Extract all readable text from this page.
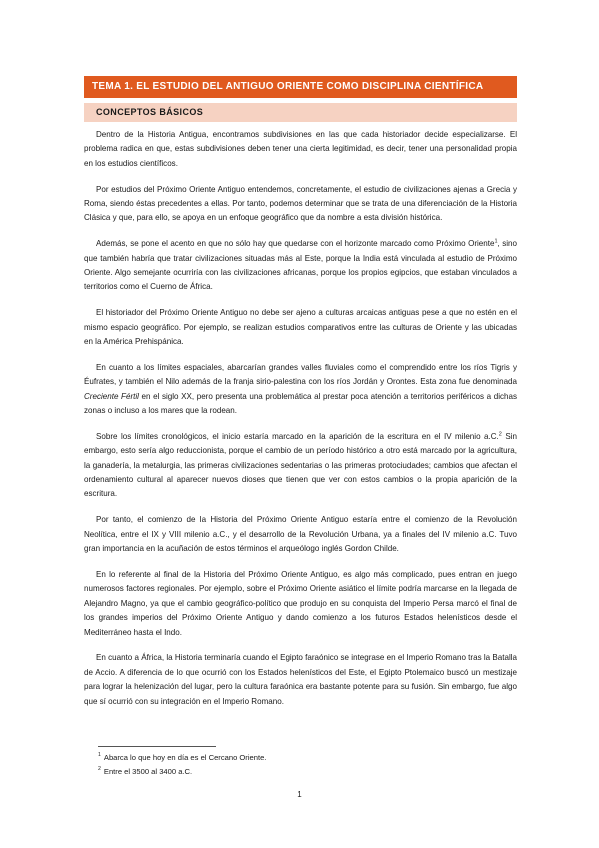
TEMA 1. EL ESTUDIO DEL ANTIGUO ORIENTE COMO DISCIPLINA CIENTÍFICA
CONCEPTOS BÁSICOS

Dentro de la Historia Antigua, encontramos subdivisiones en las que cada historiador decide especializarse. El problema radica en que, estas subdivisiones deben tener una cierta legitimidad, es decir, tener una personalidad propia en los estudios científicos.

Por estudios del Próximo Oriente Antiguo entendemos, concretamente, el estudio de civilizaciones ajenas a Grecia y Roma, siendo éstas precedentes a ellas. Por tanto, podemos determinar que se trata de una diferenciación de la Historia Clásica y que, para ello, se apoya en un enfoque geográfico que da nombre a esta división histórica.

Además, se pone el acento en que no sólo hay que quedarse con el horizonte marcado como Próximo Oriente$^1$, sino que también habría que tratar civilizaciones situadas más al Este, porque la India está vinculada al estudio de Próximo Oriente. Algo semejante ocurriría con las civilizaciones africanas, porque los propios egipcios, que estaban vinculados a territorios como el Cuerno de África.

El historiador del Próximo Oriente Antiguo no debe ser ajeno a culturas arcaicas antiguas pese a que no estén en el mismo espacio geográfico. Por ejemplo, se realizan estudios comparativos entre las culturas de Oriente y las ubicadas en la América Prehispánica.

En cuanto a los límites espaciales, abarcarían grandes valles fluviales como el comprendido entre los ríos Tigris y Éufrates, y también el Nilo además de la franja sirio-palestina con los ríos Jordán y Orontes. Esta zona fue denominada Creciente Fértil en el siglo XX, pero presenta una problemática al prestar poca atención a territorios periféricos a dichas zonas o incluso a los mares que la rodean.

Sobre los límites cronológicos, el inicio estaría marcado en la aparición de la escritura en el IV milenio a.C.$^2$ Sin embargo, esto sería algo reduccionista, porque el cambio de un período histórico a otro está marcado por la agricultura, la ganadería, la metalurgia, las primeras civilizaciones sedentarias o las primeras protociudades; cambios que afectan el ordenamiento cultural al aparecer nuevos dioses que tienen que ver con estos cambios o la propia aparición de la escritura.

Por tanto, el comienzo de la Historia del Próximo Oriente Antiguo estaría entre el comienzo de la Revolución Neolítica, entre el IX y VIII milenio a.C., y el desarrollo de la Revolución Urbana, ya a finales del IV milenio a.C. Tuvo gran importancia en la acuñación de estos términos el arqueólogo inglés Gordon Childe.

En lo referente al final de la Historia del Próximo Oriente Antiguo, es algo más complicado, pues entran en juego numerosos factores regionales. Por ejemplo, sobre el Próximo Oriente asiático el límite podría marcarse en la llegada de Alejandro Magno, ya que el cambio geográfico-político que produjo en su conquista del Imperio Persa marcó el final de los grandes imperios del Próximo Oriente Antiguo y dando comienzo a los futuros Estados helenísticos desde el Mediterráneo hasta el Indo.

En cuanto a África, la Historia terminaría cuando el Egipto faraónico se integrase en el Imperio Romano tras la Batalla de Accio. A diferencia de lo que ocurrió con los Estados helenísticos del Este, el Egipto Ptolemaico buscó un mestizaje para lograr la helenización del lugar, pero la cultura faraónica era bastante potente para su fusión. Sin embargo, fue algo que sí ocurrió con su integración en el Imperio Romano.

$^1$ Abarca lo que hoy en día es el Cercano Oriente.

$^2$ Entre el 3500 al 3400 a.C.

1
